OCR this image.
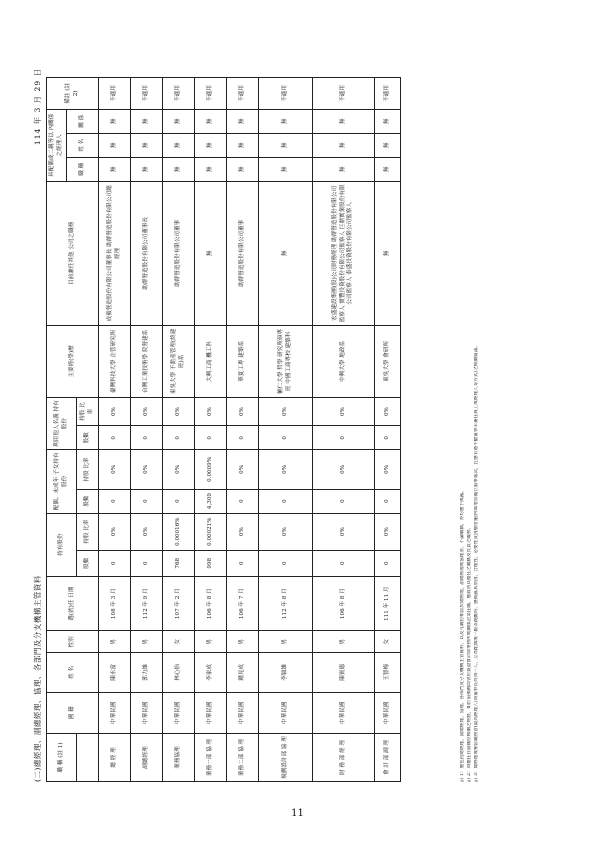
(二)總經理、副總經理、協理、各部門及分支機構主管資料
114 年 3 月 29 日
職 稱 (註 1)	國 籍	姓 名	性別	選(就)任 日期	持有股份		配偶、未成年 子女持有股份		利用他人名義 持有股份		主要經(學)歷	目前兼任其他 公司之職務	具配偶或二親等以 內關係之經理人			備註 (註 2)
													職 稱	姓 名	關 係	
					股數	持股 比率	股數	持股 比率	股數	持股 比率						
總 經 理	中華民國	陳永富	男	108 年 3 月	0	0%	0	0%	0	0%	臺灣科技大學 企管研究所	成毅營造股份有限公司董事長 助群營造股份有限公司總經理	無	無	無	不適用
副總經理	中華民國	郭力維	男	112 年 9 月	0	0%	0	0%	0	0%	台灣工業技術學 院營建系	助群營造股份有限公司董事長	無	無	無	不適用
業務協理	中華民國	林心怡	女	107 年 2 月	768	0.00016%	0	0%	0	0%	東吳大學 不動產管理(終建 班)系	助群營造股份有限公司董事	無	無	無	不適用
業務一部 協 理	中華民國	李家成	男	106 年 8 月	998	0.00021%	4,309	0.0009%	0	0%	大興工商 機工科	無	無	無	無	不適用
業務二部 協 理	中華民國	鍾見成	男	106 年 7 月	0	0%	0	0%	0	0%	華夏工專 建築系	助群營造股份有限公司董事	無	無	無	不適用
規劃設計部 協 理	中華民國	李穎雄	男	112 年 8 月	0	0%	0	0%	0	0%	輔仁大學 哲學 研究所碩專班 中國工商專校 建築科	無	無	無	無	不適用
財 務 部 經 理	中華民國	陳賓德	男	106 年 8 月	0	0%	0	0%	0	0%	中興大學 地政系	宏盛建設集團(股)公司財務經理 助群營造股份有限公司監察人 實豐投資股份有限公司監察人 巨鼎實業股份有限公司監察人 泰盛投資股份有限公司監察人	無	無	無	不適用
會 計 部 副 理	中華民國	王智梅	女	111 年 11 月	0	0%	0	0%	0	0%	東吳大學 會研所	無	無	無	無	不適用
註 1：應包括總經理、副總經理、協理、各部門及分支機構主管資料，以及凡職位相當於總經理、副總經理或協理者，不論職稱，亦均應予揭露。 註 2：與擔任目前職位相關之經歷，如於前揭期間曾於簽證會計師事務所或關係企業任職，應敘明其擔任之職稱及負責之職務。 註 3：總經理或相當職務者(最高經理人)與董事長為同一人、互為配偶或一親等親屬時，應揭露其原因、合理性、必要性及因應措施(例如增加獨立董事席次，且應有過半數董事未兼任員工或經理人等方式)之相關資訊。
11
